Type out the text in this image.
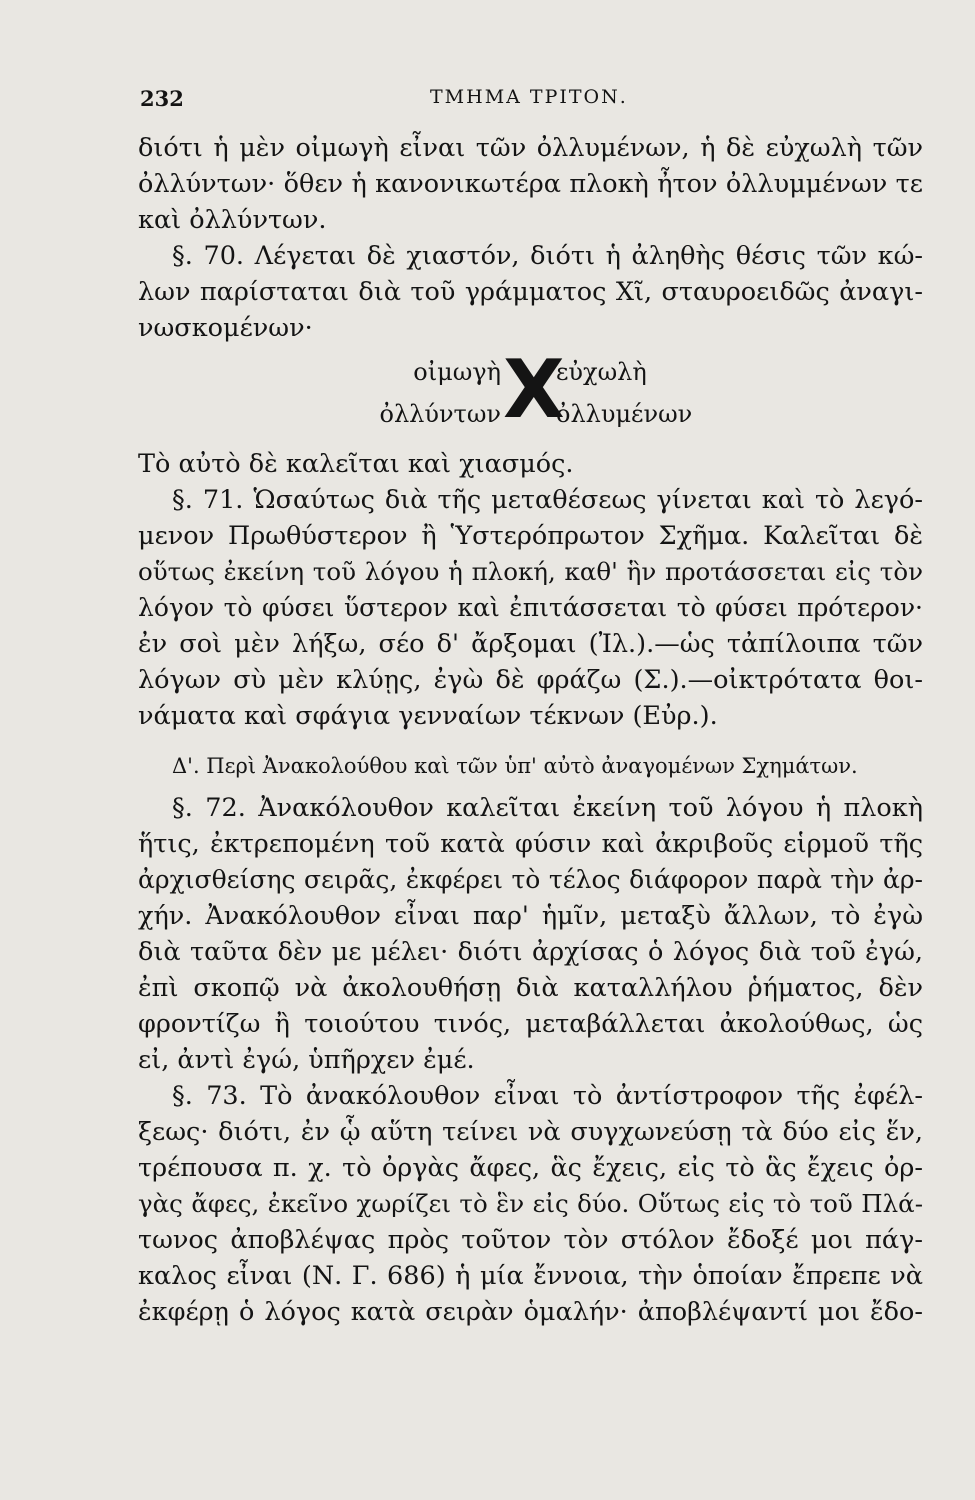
232	ΤΜΗΜΑ ΤΡΙΤΟΝ.
διότι ἡ μὲν οἰμωγὴ εἶναι τῶν ὀλλυμένων, ἡ δὲ εὐχωλὴ τῶν
ὀλλύντων· ὅθεν ἡ κανονικωτέρα πλοκὴ ἦτον ὀλλυμμένων τε
καὶ ὀλλύντων.
§. 70. Λέγεται δὲ χιαστόν, διότι ἡ ἀληθὴς θέσις τῶν κώ-
λων παρίσταται διὰ τοῦ γράμματος Χῖ, σταυροειδῶς ἀναγι-
νωσκομένων·
οἰμωγὴ X
εὐχωλὴ
ὀλλύντων ὀλλυμένων
Τὸ αὐτὸ δὲ καλεῖται καὶ χιασμός.
§. 71. Ὡσαύτως διὰ τῆς μεταθέσεως γίνεται καὶ τὸ λεγό-
μενον Πρωθύστερον ἢ Ὑστερόπρωτον Σχῆμα. Καλεῖται δὲ
οὕτως ἐκείνη τοῦ λόγου ἡ πλοκή, καθ' ἣν προτάσσεται εἰς τὸν
λόγον τὸ φύσει ὕστερον καὶ ἐπιτάσσεται τὸ φύσει πρότερον·
ἐν σοὶ μὲν λήξω, σέο δ' ἄρξομαι (Ἰλ.).—ὡς τἀπίλοιπα τῶν
λόγων σὺ μὲν κλύῃς, ἐγὼ δὲ φράζω (Σ.).—οἰκτρότατα θοι-
νάματα καὶ σφάγια γενναίων τέκνων (Εὐρ.).
Δ'. Περὶ Ἀνακολούθου καὶ τῶν ὑπ' αὐτὸ ἀναγομένων Σχημάτων.
§. 72. Ἀνακόλουθον καλεῖται ἐκείνη τοῦ λόγου ἡ πλοκὴ
ἥτις, ἐκτρεπομένη τοῦ κατὰ φύσιν καὶ ἀκριβοῦς εἱρμοῦ τῆς
ἀρχισθείσης σειρᾶς, ἐκφέρει τὸ τέλος διάφορον παρὰ τὴν ἀρ-
χήν. Ἀνακόλουθον εἶναι παρ' ἡμῖν, μεταξὺ ἄλλων, τὸ ἐγὼ
διὰ ταῦτα δὲν με μέλει· διότι ἀρχίσας ὁ λόγος διὰ τοῦ ἐγώ,
ἐπὶ σκοπῷ νὰ ἀκολουθήσῃ διὰ καταλλήλου ῥήματος, δὲν
φροντίζω ἢ τοιούτου τινός, μεταβάλλεται ἀκολούθως, ὡς
εἰ, ἀντὶ ἐγώ, ὑπῆρχεν ἐμέ.
§. 73. Τὸ ἀνακόλουθον εἶναι τὸ ἀντίστροφον τῆς ἐφέλ-
ξεως· διότι, ἐν ᾧ αὕτη τείνει νὰ συγχωνεύσῃ τὰ δύο εἰς ἕν,
τρέπουσα π. χ. τὸ ὀργὰς ἄφες, ἃς ἔχεις, εἰς τὸ ἃς ἔχεις ὀρ-
γὰς ἄφες, ἐκεῖνο χωρίζει τὸ ἓν εἰς δύο. Οὕτως εἰς τὸ τοῦ Πλά-
τωνος ἀποβλέψας πρὸς τοῦτον τὸν στόλον ἔδοξέ μοι πάγ-
καλος εἶναι (Ν. Γ. 686) ἡ μία ἔννοια, τὴν ὁποίαν ἔπρεπε νὰ
ἐκφέρῃ ὁ λόγος κατὰ σειρὰν ὁμαλήν· ἀποβλέψαντί μοι ἔδο-
